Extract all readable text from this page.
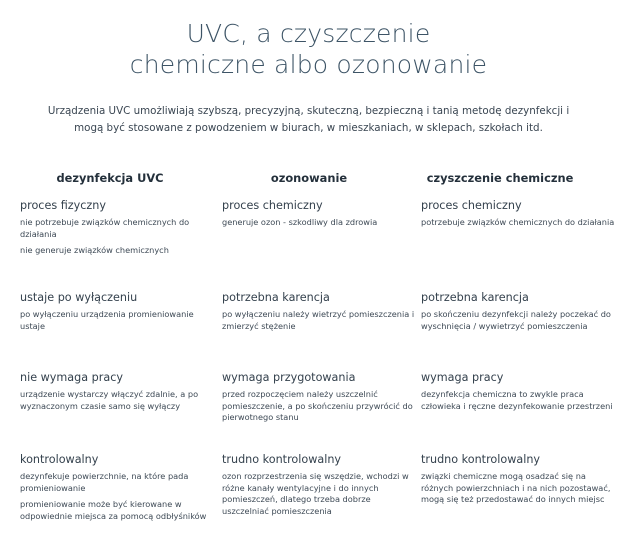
UVC, a czyszczenie
chemiczne albo ozonowanie
Urządzenia UVC umożliwiają szybszą, precyzyjną, skuteczną, bezpieczną i tanią metodę dezynfekcji i
mogą być stosowane z powodzeniem w biurach, w mieszkaniach, w sklepach, szkołach itd.
dezynfekcja UVC	ozonowanie	czyszczenie chemiczne
proces fizyczny
nie potrzebuje związków chemicznych do działania
nie generuje związków chemicznych
proces chemiczny
generuje ozon - szkodliwy dla zdrowia
proces chemiczny
potrzebuje związków chemicznych do działania
ustaje po wyłączeniu
po wyłączeniu urządzenia promieniowanie ustaje
potrzebna karencja
po wyłączeniu należy wietrzyć pomieszczenia i zmierzyć stężenie
potrzebna karencja
po skończeniu dezynfekcji należy poczekać do wyschnięcia / wywietrzyć pomieszczenia
nie wymaga pracy
urządzenie wystarczy włączyć zdalnie, a po wyznaczonym czasie samo się wyłączy
wymaga przygotowania
przed rozpoczęciem należy uszczelnić pomieszczenie, a po skończeniu przywrócić do pierwotnego stanu
wymaga pracy
dezynfekcja chemiczna to zwykle praca człowieka i ręczne dezynfekowanie przestrzeni
kontrolowalny
dezynfekuje powierzchnie, na które pada promieniowanie
promieniowanie może być kierowane w odpowiednie miejsca za pomocą odbłyśników
trudno kontrolowalny
ozon rozprzestrzenia się wszędzie, wchodzi w różne kanały wentylacyjne i do innych pomieszczeń, dlatego trzeba dobrze uszczelniać pomieszczenia
trudno kontrolowalny
związki chemiczne mogą osadzać się na różnych powierzchniach i na nich pozostawać, mogą się też przedostawać do innych miejsc
